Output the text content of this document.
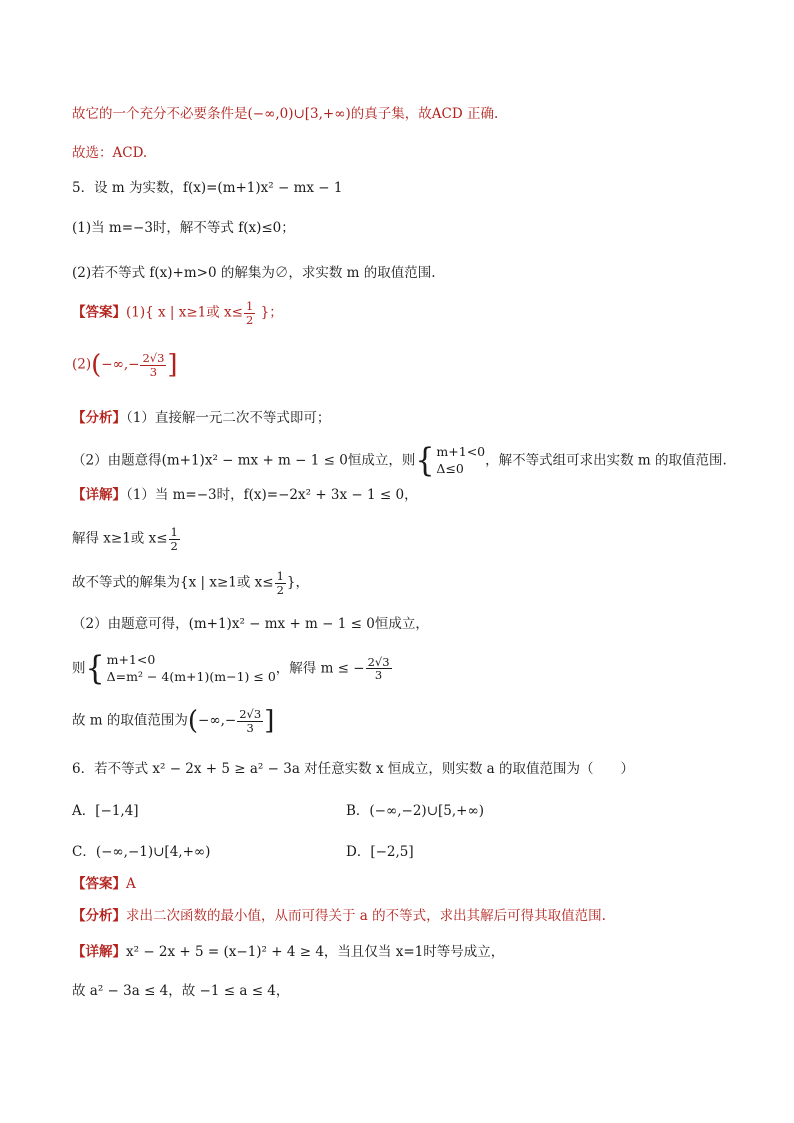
故它的一个充分不必要条件是(−∞,0)∪[3,+∞)的真子集，故ACD 正确.
故选：ACD.
5．设 m 为实数，f(x)=(m+1)x² − mx − 1
(1)当 m=−3时，解不等式 f(x)≤0；
(2)若不等式 f(x)+m>0 的解集为∅，求实数 m 的取值范围.
【答案】(1){ x | x≥1或 $x\le \frac{1}{2}$ }；
$(2)(-\infty,- \frac{2√3}{3}$ ]
【分析】（1）直接解一元二次不等式即可；
（2）由题意得(m+1)x² − mx + m − 1 ≤ 0恒成立，则 { m+1<0
Δ≤0	，解不等式组可求出实数 m 的取值范围.
【详解】（1）当 m=−3时，f(x)=−2x² + 3x − 1 ≤ 0，
解得 x≥1或 $x\le \frac{1}{2}$
故不等式的解集为{x | x≥1或 $x\le \frac{1}{2}$ }，
（2）由题意可得，(m+1)x² − mx + m − 1 ≤ 0恒成立，
则 { m+1<0
Δ=m² − 4(m+1)(m−1) ≤ 0 ，解得 m ≤ − $\frac{2√3}{3}$
故 m 的取值范围为(−∞,− $\frac{2√3}{3}$ ]
6．若不等式 x² − 2x + 5 ≥ a² − 3a 对任意实数 x 恒成立，则实数 a 的取值范围为（　　）
A．[−1,4]	B．(−∞,−2)∪[5,+∞)
C．(−∞,−1)∪[4,+∞)	D．[−2,5]
【答案】A
【分析】求出二次函数的最小值，从而可得关于 a 的不等式，求出其解后可得其取值范围.
【详解】x² − 2x + 5 = (x−1)² + 4 ≥ 4，当且仅当 x=1时等号成立，
故 a² − 3a ≤ 4，故 −1 ≤ a ≤ 4，
